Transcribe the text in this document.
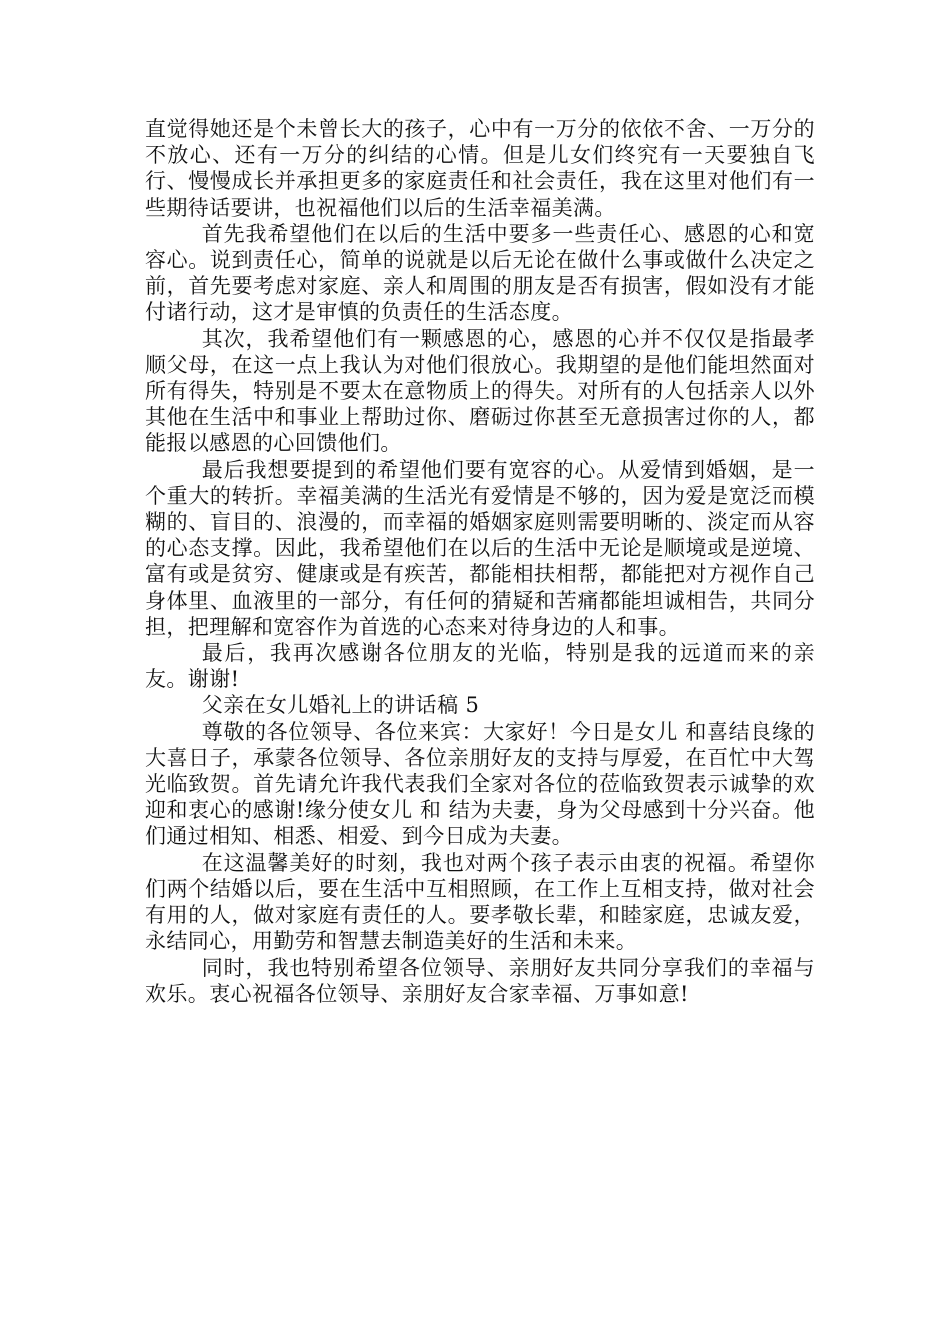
直觉得她还是个未曾长大的孩子，心中有一万分的依依不舍、一万分的不放心、还有一万分的纠结的心情。但是儿女们终究有一天要独自飞行、慢慢成长并承担更多的家庭责任和社会责任，我在这里对他们有一些期待话要讲，也祝福他们以后的生活幸福美满。

首先我希望他们在以后的生活中要多一些责任心、感恩的心和宽容心。说到责任心，简单的说就是以后无论在做什么事或做什么决定之前，首先要考虑对家庭、亲人和周围的朋友是否有损害，假如没有才能付诸行动，这才是审慎的负责任的生活态度。

其次，我希望他们有一颗感恩的心，感恩的心并不仅仅是指最孝顺父母，在这一点上我认为对他们很放心。我期望的是他们能坦然面对所有得失，特别是不要太在意物质上的得失。对所有的人包括亲人以外其他在生活中和事业上帮助过你、磨砺过你甚至无意损害过你的人，都能报以感恩的心回馈他们。

最后我想要提到的希望他们要有宽容的心。从爱情到婚姻，是一个重大的转折。幸福美满的生活光有爱情是不够的，因为爱是宽泛而模糊的、盲目的、浪漫的，而幸福的婚姻家庭则需要明晰的、淡定而从容的心态支撑。因此，我希望他们在以后的生活中无论是顺境或是逆境、富有或是贫穷、健康或是有疾苦，都能相扶相帮，都能把对方视作自己身体里、血液里的一部分，有任何的猜疑和苦痛都能坦诚相告，共同分担，把理解和宽容作为首选的心态来对待身边的人和事。

最后，我再次感谢各位朋友的光临，特别是我的远道而来的亲友。谢谢!

父亲在女儿婚礼上的讲话稿 5

尊敬的各位领导、各位来宾：大家好！今日是女儿 和喜结良缘的大喜日子，承蒙各位领导、各位亲朋好友的支持与厚爱，在百忙中大驾光临致贺。首先请允许我代表我们全家对各位的莅临致贺表示诚挚的欢迎和衷心的感谢!缘分使女儿 和 结为夫妻，身为父母感到十分兴奋。他们通过相知、相悉、相爱、到今日成为夫妻。

在这温馨美好的时刻，我也对两个孩子表示由衷的祝福。希望你们两个结婚以后，要在生活中互相照顾，在工作上互相支持，做对社会有用的人，做对家庭有责任的人。要孝敬长辈，和睦家庭，忠诚友爱，永结同心，用勤劳和智慧去制造美好的生活和未来。

同时，我也特别希望各位领导、亲朋好友共同分享我们的幸福与欢乐。衷心祝福各位领导、亲朋好友合家幸福、万事如意!
